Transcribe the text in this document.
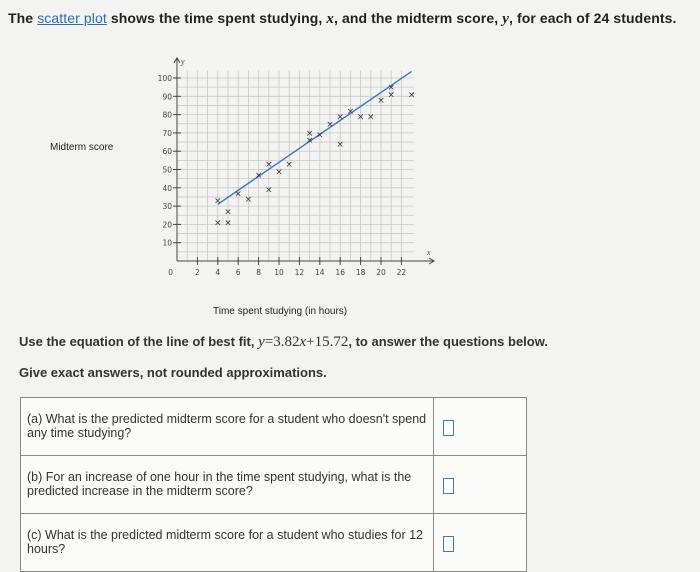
The scatter plot shows the time spent studying, x, and the midterm score, y, for each of 24 students.
Midterm score
y
x
10
20
30
40
50
60
70
80
90
100
2 4 6 8 10 12 14 16 18 20 22
0
× ×
×
×
×
×
×
×
×
×
×
×
× ×
×
×
×
×
× ×
×
×
× ×
Time spent studying (in hours)
Use the equation of the line of best fit, y=3.82x+15.72, to answer the questions below.
Give exact answers, not rounded approximations.
(a) What is the predicted midterm score for a student who doesn't spend any time studying?	

(b) For an increase of one hour in the time spent studying, what is the predicted increase in the midterm score?	

(c) What is the predicted midterm score for a student who studies for 12 hours?	
